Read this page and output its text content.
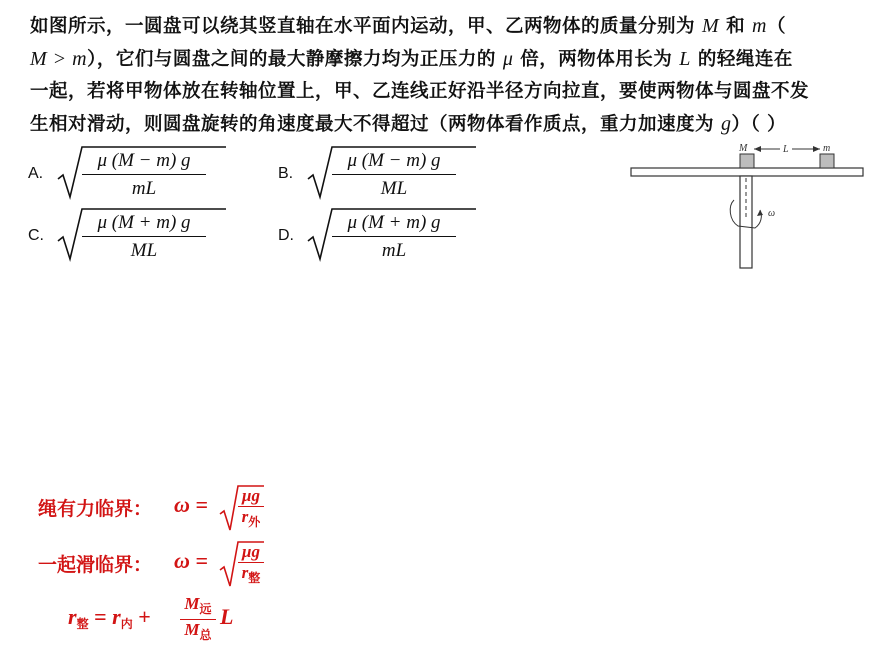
如图所示，一圆盘可以绕其竖直轴在水平面内运动，甲、乙两物体的质量分别为 M 和 m（
M > m），它们与圆盘之间的最大静摩擦力均为正压力的 μ 倍，两物体用长为 L 的轻绳连在
一起，若将甲物体放在转轴位置上，甲、乙连线正好沿半径方向拉直，要使两物体与圆盘不发
生相对滑动，则圆盘旋转的角速度最大不得超过（两物体看作质点，重力加速度为 g）（ ）
A.
μ (M − m) g
mL
B.
μ (M − m) g
ML
C.
μ (M + m) g
ML
D.
μ (M + m) g
mL
M	L	m
ω
绳有力临界： ω = μg
$r_外$
一起滑临界： ω = μg
$r_整$
$r_整 = r_内$ +
$M_远$
$M_总$
L
